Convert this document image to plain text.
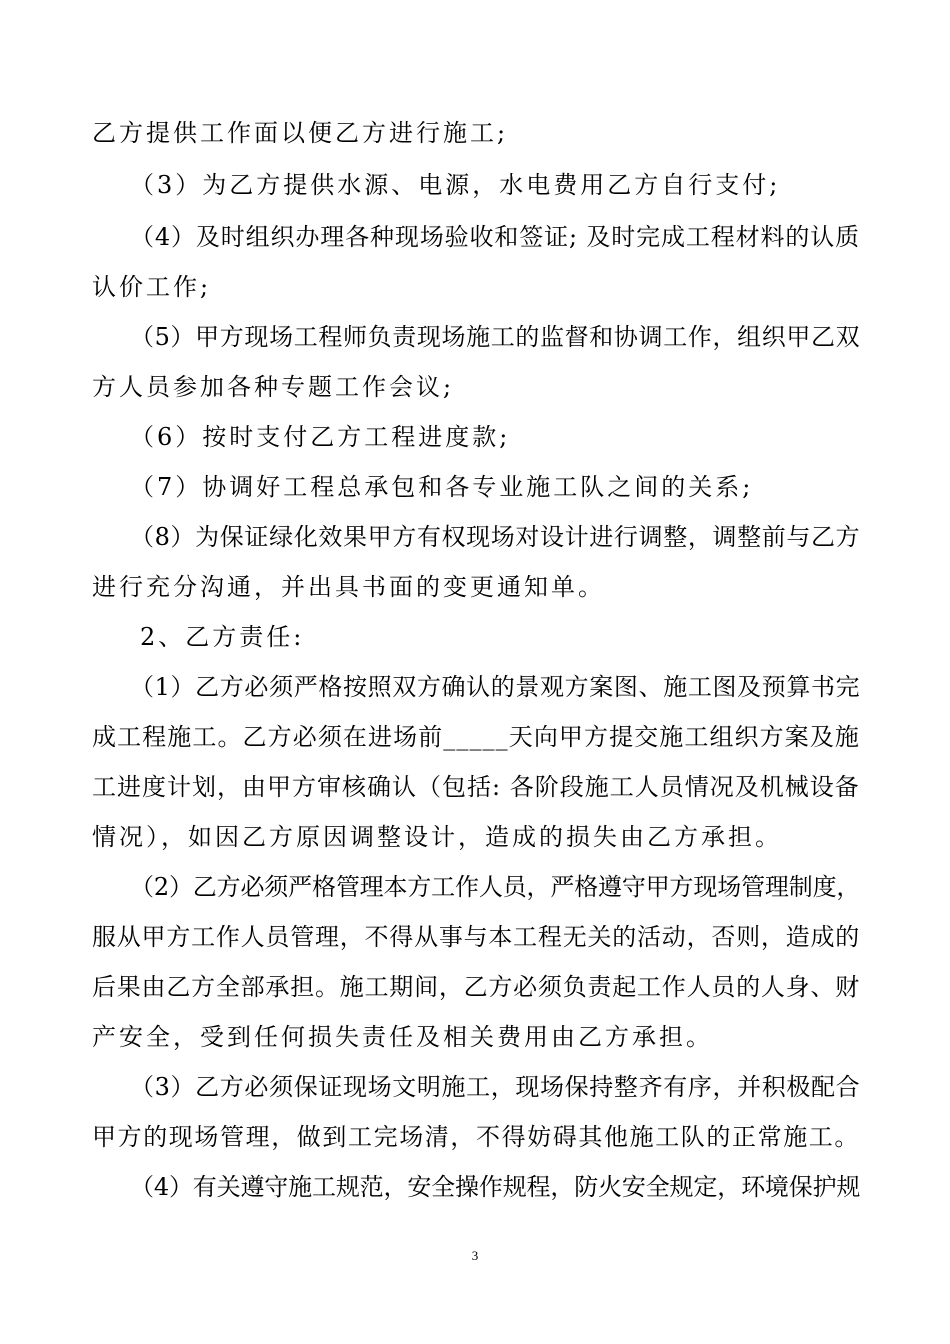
乙方提供工作面以便乙方进行施工;
（3）为乙方提供水源、电源，水电费用乙方自行支付;
（4）及时组织办理各种现场验收和签证; 及时完成工程材料的认质
认价工作;
（5）甲方现场工程师负责现场施工的监督和协调工作，组织甲乙双
方人员参加各种专题工作会议;
（6）按时支付乙方工程进度款;
（7）协调好工程总承包和各专业施工队之间的关系;
（8）为保证绿化效果甲方有权现场对设计进行调整，调整前与乙方
进行充分沟通，并出具书面的变更通知单。
2、乙方责任:
（1）乙方必须严格按照双方确认的景观方案图、施工图及预算书完
成工程施工。乙方必须在进场前_____天向甲方提交施工组织方案及施
工进度计划，由甲方审核确认（包括: 各阶段施工人员情况及机械设备
情况），如因乙方原因调整设计，造成的损失由乙方承担。
（2）乙方必须严格管理本方工作人员，严格遵守甲方现场管理制度，
服从甲方工作人员管理，不得从事与本工程无关的活动，否则，造成的
后果由乙方全部承担。施工期间，乙方必须负责起工作人员的人身、财
产安全，受到任何损失责任及相关费用由乙方承担。
（3）乙方必须保证现场文明施工，现场保持整齐有序，并积极配合
甲方的现场管理，做到工完场清，不得妨碍其他施工队的正常施工。
（4）有关遵守施工规范，安全操作规程，防火安全规定，环境保护规
3
